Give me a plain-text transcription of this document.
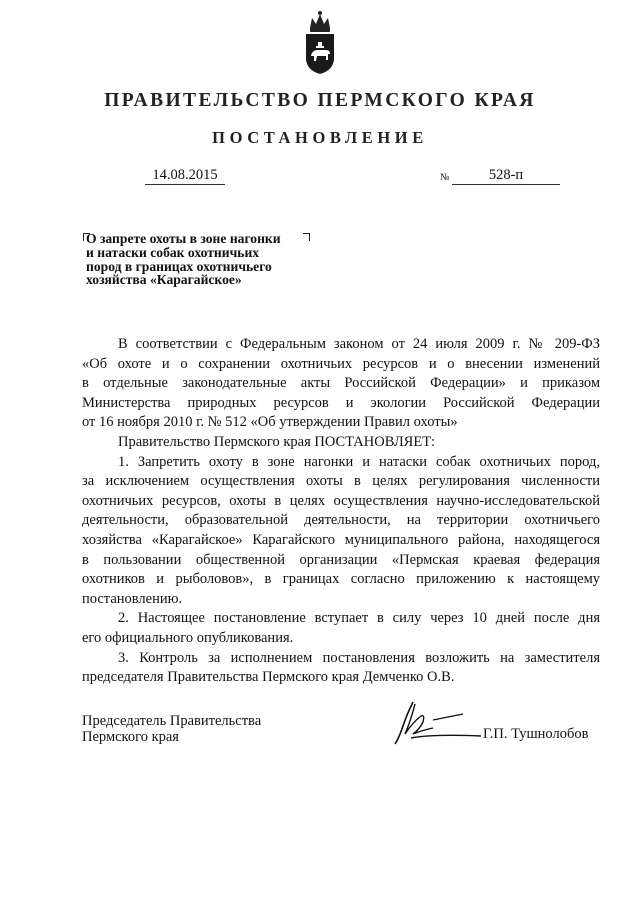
ПРАВИТЕЛЬСТВО ПЕРМСКОГО КРАЯ
ПОСТАНОВЛЕНИЕ
14.08.2015	№	528-п
О запрете охоты в зоне нагонки
и натаски собак охотничьих
пород в границах охотничьего
хозяйства «Карагайское»
В соответствии с Федеральным законом от 24 июля 2009 г. № 209-ФЗ
«Об охоте и о сохранении охотничьих ресурсов и о внесении изменений
в отдельные законодательные акты Российской Федерации» и приказом
Министерства природных ресурсов и экологии Российской Федерации
от 16 ноября 2010 г. № 512 «Об утверждении Правил охоты»
Правительство Пермского края ПОСТАНОВЛЯЕТ:
1. Запретить охоту в зоне нагонки и натаски собак охотничьих пород,
за исключением осуществления охоты в целях регулирования численности
охотничьих ресурсов, охоты в целях осуществления научно-исследовательской
деятельности, образовательной деятельности, на территории охотничьего
хозяйства «Карагайское» Карагайского муниципального района, находящегося
в пользовании общественной организации «Пермская краевая федерация
охотников и рыболовов», в границах согласно приложению к настоящему
постановлению.
2. Настоящее постановление вступает в силу через 10 дней после дня
его официального опубликования.
3. Контроль за исполнением постановления возложить на заместителя
председателя Правительства Пермского края Демченко О.В.
Председатель Правительства
Пермского края	Г.П. Тушнолобов
